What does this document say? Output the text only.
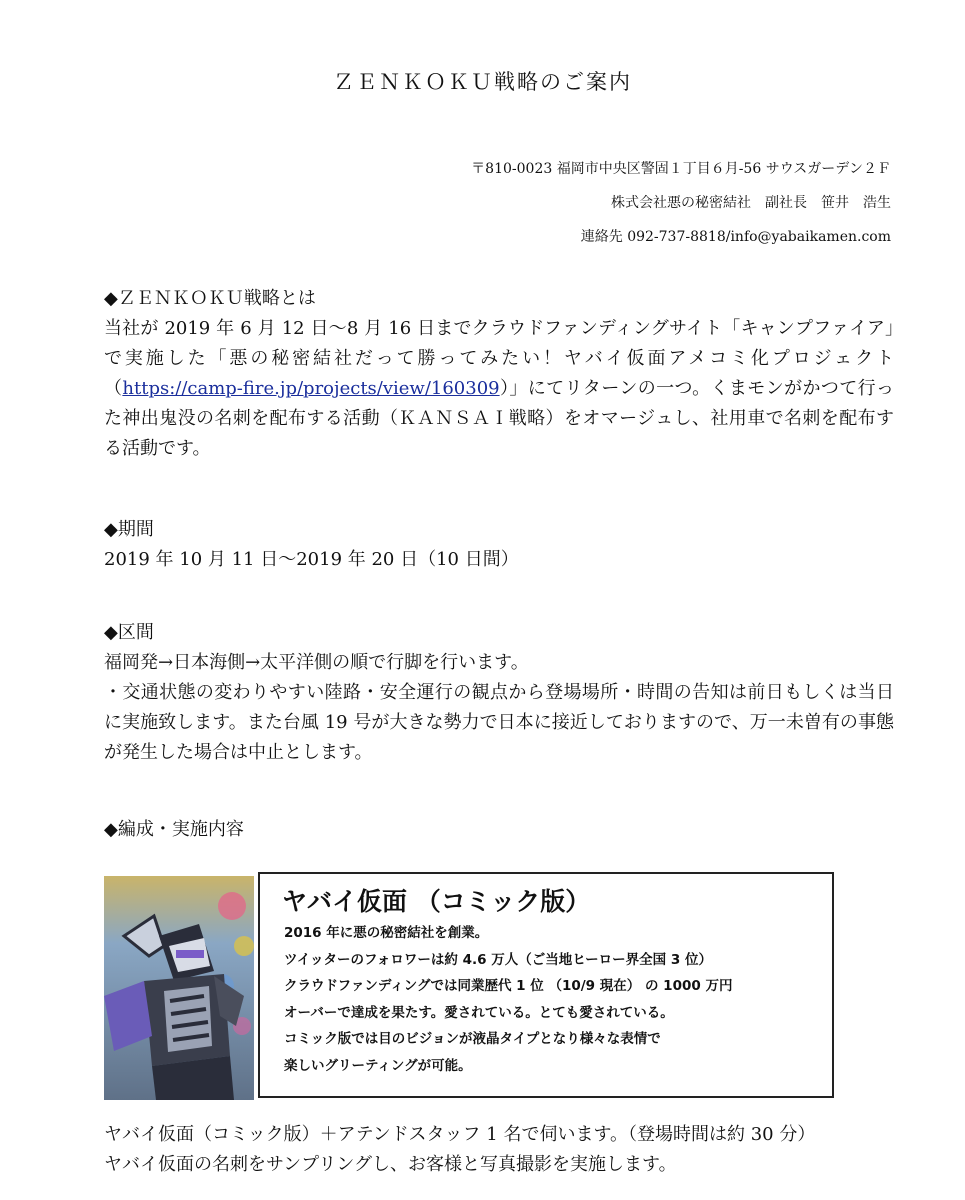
ＺＥＮＫＯＫＵ戦略のご案内
〒810-0023 福岡市中央区警固１丁目６月-56 サウスガーデン２Ｆ
株式会社悪の秘密結社　副社長　笹井　浩生
連絡先 092-737-8818/info@yabaikamen.com
◆ＺＥＮＫＯＫＵ戦略とは
当社が 2019 年 6 月 12 日〜8 月 16 日までクラウドファンディングサイト「キャンプファイア」で実施した「悪の秘密結社だって勝ってみたい！ヤバイ仮面アメコミ化プロジェクト（https://camp-fire.jp/projects/view/160309）」にてリターンの一つ。くまモンがかつて行った神出鬼没の名刺を配布する活動（ＫＡＮＳＡＩ戦略）をオマージュし、社用車で名刺を配布する活動です。
◆期間
2019 年 10 月 11 日〜2019 年 20 日（10 日間）
◆区間
福岡発→日本海側→太平洋側の順で行脚を行います。
・交通状態の変わりやすい陸路・安全運行の観点から登場場所・時間の告知は前日もしくは当日に実施致します。また台風 19 号が大きな勢力で日本に接近しておりますので、万一未曽有の事態が発生した場合は中止とします。
◆編成・実施内容
ヤバイ仮面 （コミック版）
2016 年に悪の秘密結社を創業。
ツイッターのフォロワーは約 4.6 万人（ご当地ヒーロー界全国 3 位）
クラウドファンディングでは同業歴代 1 位 （10/9 現在） の 1000 万円
オーバーで達成を果たす。愛されている。とても愛されている。
コミック版では目のビジョンが液晶タイプとなり様々な表情で
楽しいグリーティングが可能。
ヤバイ仮面（コミック版）＋アテンドスタッフ 1 名で伺います。（登場時間は約 30 分）
ヤバイ仮面の名刺をサンプリングし、お客様と写真撮影を実施します。
